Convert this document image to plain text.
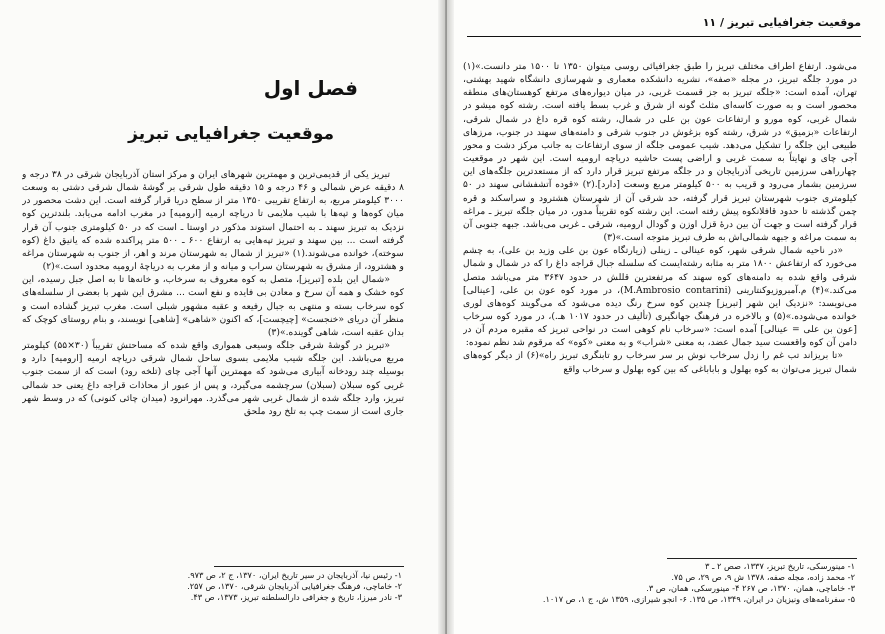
فصل اول
موقعیت جغرافیایی تبریز

تبریز یکی از قدیمی‌ترین و مهمترین شهرهای ایران و مرکز استان آذربایجان شرقی در ۳۸ درجه و ۸ دقیقه عرض شمالی و ۴۶ درجه و ۱۵ دقیقه طول شرقی بر گوشهٔ شمال شرقی دشتی به وسعت ۳۰۰۰ کیلومتر مربع، به ارتفاع تقریبی ۱۳۵۰ متر از سطح دریا قرار گرفته است. این دشت محصور در میان کوه‌ها و تپه‌ها با شیب ملایمی تا دریاچه ارمیه [ارومیه] در مغرب ادامه می‌یابد. بلندترین کوه نزدیک به تبریز سهند ـ به احتمال استوند مذکور در اوستا ـ است که در ۵۰ کیلومتری جنوب آن قرار گرفته است ... بین سهند و تبریز تپه‌هایی به ارتفاع ۶۰۰ ـ ۵۰۰ متر پراکنده شده که یانیق داغ (کوه سوخته)، خوانده می‌شوند.(۱) «تبریز از شمال به شهرستان مرند و اهر، از جنوب به شهرستان مراغه و هشترود، از مشرق به شهرستان سراب و میانه و از مغرب به دریاچهٔ ارومیه محدود است.»(۲)

«شمال این بلده [تبریز]، متصل به کوه معروف به سرخاب، و خانه‌ها تا به اصل جبل رسیده، این کوه خشک و همه آن سرخ و معادن بی فایده و نفع است ... مشرق این شهر با بعضی از سلسله‌های کوه سرخاب بسته و منتهی به جبال رفیعه و عقبه مشهور شبلی است. مغرب تبریز گشاده است و منظر آن دریای «خنجست» [چیچست]، که اکنون «شاهی» [شاهی] نویسند، و بنام روستای کوچک که بدان عقبه است، شاهی گوینده.»(۳)

«تبریز در گوشهٔ شرقی جلگه وسیعی همواری واقع شده که مساحتش تقریباً (۳۰×۵۵) کیلومتر مربع می‌باشد. این جلگه شیب ملایمی بسوی ساحل شمال شرقی دریاچه ارمیه [ارومیه] دارد و بوسیله چند رودخانه آبیاری می‌شود که مهمترین آنها آجی چای (تلخه رود) است که از سمت جنوب غربی کوه سبلان (سبلان) سرچشمه می‌گیرد، و پس از عبور از محاذات قراجه داغ یعنی حد شمالی تبریز، وارد جلگه شده از شمال غربی شهر می‌گذرد. مهرانرود (میدان چائی کنونی) که در وسط شهر جاری است از سمت چپ به تلخ رود ملحق

۱- رئیس نیا، آذربایجان در سیر تاریخ ایران، ۱۳۷۰، ج ۲، ص ۹۷۳.
۲- خاماچی، فرهنگ جغرافیایی آذربایجان شرقی، ۱۳۷۰، ص ۲۵۷.
۳- نادر میرزا، تاریخ و جغرافی دارالسلطنه تبریز، ۱۳۷۳، ص ۴۳.
موقعیت جغرافیایی تبریز / ۱۱

می‌شود. ارتفاع اطراف مختلف تبریز را طبق جغرافیائی روسی میتوان ۱۳۵۰ تا ۱۵۰۰ متر دانست.»(۱) در مورد جلگه تبریز، در مجله «صفه»، نشریه دانشکده معماری و شهرسازی دانشگاه شهید بهشتی، تهران، آمده است: «جلگه تبریز به جز قسمت غربی، در میان دیواره‌های مرتفع کوهستان‌های منطقه محصور است و به صورت کاسه‌ای مثلث گونه از شرق و غرب بسط یافته است. رشته کوه میشو در شمال غربی، کوه مورو و ارتفاعات عون بن علی در شمال، رشته کوه قره داغ در شمال شرقی، ارتفاعات «بزمیق» در شرق، رشته کوه بزغوش در جنوب شرقی و دامنه‌های سهند در جنوب، مرزهای طبیعی این جلگه را تشکیل می‌دهد. شیب عمومی جلگه از سوی ارتفاعات به جانب مرکز دشت و محور آجی چای و نهایتاً به سمت غربی و اراضی پست حاشیه دریاچه ارومیه است. این شهر در موقعیت چهارراهی سرزمین تاریخی آذربایجان و در جلگه مرتفع تبریز قرار دارد که از مستعدترین جلگه‌های این سرزمین بشمار می‌رود و قریب به ۵۰۰ کیلومتر مربع وسعت [دارد].(۲) «قوده آتشفشانی سهند در ۵۰ کیلومتری جنوب شهرستان تبریز قرار گرفته، حد شرقی آن از شهرستان هشترود و سراسکند و قره چمن گذشته تا حدود قافلانکوه پیش رفته است. این رشته کوه تقریباً مدور، در میان جلگه تبریز ـ مراغه قرار گرفته است و جهت آن بین درهٔ قزل اوزن و گودال ارومیه، شرقی ـ غربی می‌باشد. جبهه جنوبی آن به سمت مراغه و جبهه شمالی‌اش به طرف تبریز متوجه است.»(۳)

«در ناحیه شمال شرقی شهر، کوه عینالی ـ زینلی (زیارتگاه عون بن علی وزید بن علی)، به چشم می‌خورد که ارتفاعش ۱۸۰۰ متر به مثابه رشته‌ایست که سلسله جبال قراجه داغ را که در شمال و شمال شرقی واقع شده به دامنه‌های کوه سهند که مرتفعترین قللش در حدود ۳۶۴۷ متر می‌باشد متصل می‌کند.»(۴) م.آمبروزیوکنتارینی (M.Ambrosio contarini)، در مورد کوه عون بن علی، [عینالی] می‌نویسد: «نزدیک این شهر [تبریز] چندین کوه سرخ رنگ دیده می‌شود که می‌گویند کوه‌های لوری خوانده می‌شوده.»(۵) و بالاخره در فرهنگ جهانگیری (تألیف در حدود ۱۰۱۷ هـ.)، در مورد کوه سرخاب [عون بن علی = عینالی] آمده است: «سرخاب نام کوهی است در نواحی تبریز که مقبره مردم آن در دامن آن کوه واقعست سید جمال عضد، به معنی «شراب» و به معنی «کوه» که مرقوم شد نظم نموده:

«تا بریزاند تب غم را زدل سرخاب نوش بر سر سرخاب رو تابنگری تبریز راه»(۶) از دیگر کوه‌های شمال تبریز می‌توان به کوه بهلول و باباباغی که بین کوه بهلول و سرخاب واقع

۱- مینورسکی، تاریخ تبریز، ۱۳۳۷، صص ۲ ـ ۳
۲- محمد زاده، مجله صفه، ۱۳۷۸ ش ۹، ص ۲۹، ص ۷۵.
۳- خاماچی، همان، ۱۳۷۰، ص ۲۶۷ ۴- مینورسکی، همان، ص ۳.
۵- سفرنامه‌های ونیزیان در ایران، ۱۳۴۹، ص ۱۳۵. ۶- انجو شیرازی، ۱۳۵۹ ش، ج ۱، ص ۱۰۱۷.
